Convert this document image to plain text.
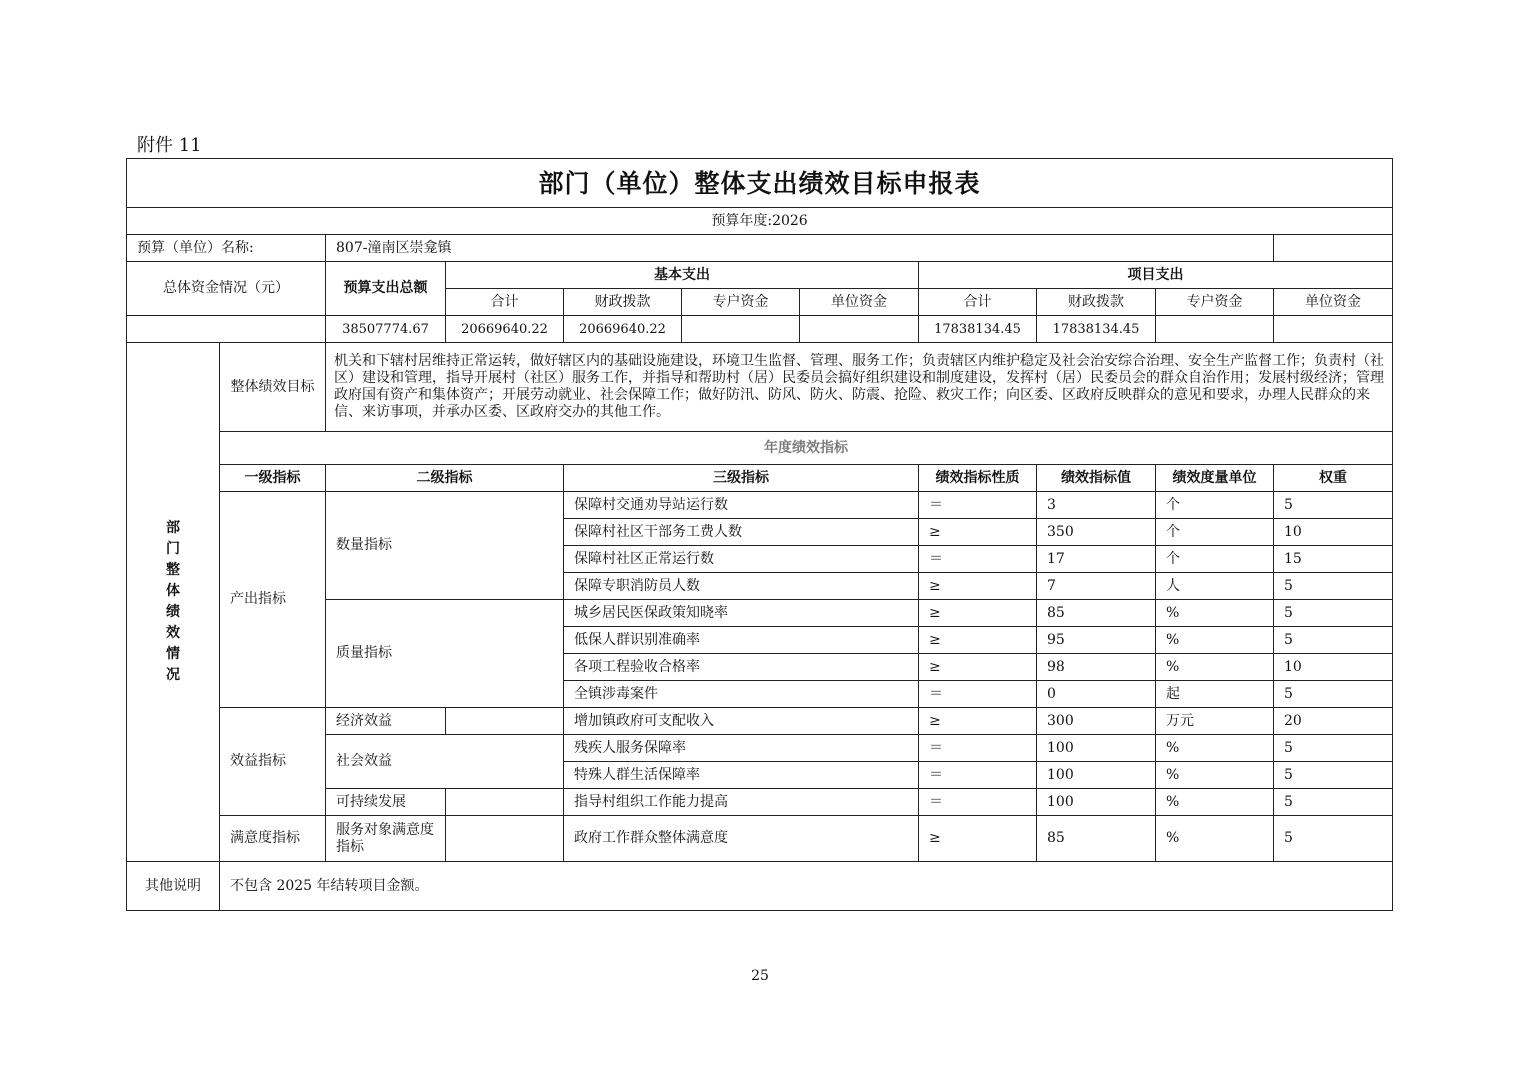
附件 11
部门（单位）整体支出绩效目标申报表										
预算年度:2026										
预算（单位）名称:		807-潼南区崇龛镇								
总体资金情况（元）		预算支出总额	基本支出				项目支出			
			合计	财政拨款	专户资金	单位资金	合计	财政拨款	专户资金	单位资金
		38507774.67	20669640.22	20669640.22			17838134.45	17838134.45		

部门整体绩效情况	整体绩效目标	机关和下辖村居维持正常运转，做好辖区内的基础设施建设，环境卫生监督、管理、服务工作；负责辖区内维护稳定及社会治安综合治理、安全生产监督工作；负责村（社区）建设和管理，指导开展村（社区）服务工作，并指导和帮助村（居）民委员会搞好组织建设和制度建设，发挥村（居）民委员会的群众自治作用；发展村级经济；管理政府国有资产和集体资产；开展劳动就业、社会保障工作；做好防汛、防风、防火、防震、抢险、救灾工作；向区委、区政府反映群众的意见和要求，办理人民群众的来信、来访事项，并承办区委、区政府交办的其他工作。								
	年度绩效指标									
	一级指标	二级指标		三级指标			绩效指标性质	绩效指标值	绩效度量单位	权重
	产出指标	数量指标		保障村交通劝导站运行数			＝	3	个	5
				保障村社区干部务工费人数			≥	350	个	10
				保障村社区正常运行数			＝	17	个	15
				保障专职消防员人数			≥	7	人	5
		质量指标		城乡居民医保政策知晓率			≥	85	%	5
				低保人群识别准确率			≥	95	%	5
				各项工程验收合格率			≥	98	%	10
				全镇涉毒案件			＝	0	起	5
	效益指标	经济效益		增加镇政府可支配收入			≥	300	万元	20
		社会效益		残疾人服务保障率			＝	100	%	5
				特殊人群生活保障率			＝	100	%	5
		可持续发展		指导村组织工作能力提高			＝	100	%	5
	满意度指标	服务对象满意度指标		政府工作群众整体满意度			≥	85	%	5
其他说明	不包含 2025 年结转项目金额。									
25
